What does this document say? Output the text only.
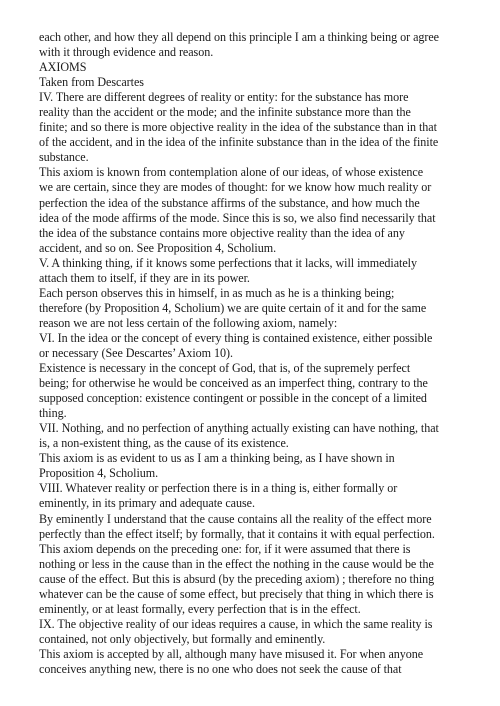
each other, and how they all depend on this principle I am a thinking being or agree
with it through evidence and reason.
AXIOMS
Taken from Descartes
IV. There are different degrees of reality or entity: for the substance has more
reality than the accident or the mode; and the infinite substance more than the
finite; and so there is more objective reality in the idea of the substance than in that
of the accident, and in the idea of the infinite substance than in the idea of the finite
substance.
This axiom is known from contemplation alone of our ideas, of whose existence
we are certain, since they are modes of thought: for we know how much reality or
perfection the idea of the substance affirms of the substance, and how much the
idea of the mode affirms of the mode. Since this is so, we also find necessarily that
the idea of the substance contains more objective reality than the idea of any
accident, and so on. See Proposition 4, Scholium.
V. A thinking thing, if it knows some perfections that it lacks, will immediately
attach them to itself, if they are in its power.
Each person observes this in himself, in as much as he is a thinking being;
therefore (by Proposition 4, Scholium) we are quite certain of it and for the same
reason we are not less certain of the following axiom, namely:
VI. In the idea or the concept of every thing is contained existence, either possible
or necessary (See Descartes’ Axiom 10).
Existence is necessary in the concept of God, that is, of the supremely perfect
being; for otherwise he would be conceived as an imperfect thing, contrary to the
supposed conception: existence contingent or possible in the concept of a limited
thing.
VII. Nothing, and no perfection of anything actually existing can have nothing, that
is, a non-existent thing, as the cause of its existence.
This axiom is as evident to us as I am a thinking being, as I have shown in
Proposition 4, Scholium.
VIII. Whatever reality or perfection there is in a thing is, either formally or
eminently, in its primary and adequate cause.
By eminently I understand that the cause contains all the reality of the effect more
perfectly than the effect itself; by formally, that it contains it with equal perfection.
This axiom depends on the preceding one: for, if it were assumed that there is
nothing or less in the cause than in the effect the nothing in the cause would be the
cause of the effect. But this is absurd (by the preceding axiom) ; therefore no thing
whatever can be the cause of some effect, but precisely that thing in which there is
eminently, or at least formally, every perfection that is in the effect.
IX. The objective reality of our ideas requires a cause, in which the same reality is
contained, not only objectively, but formally and eminently.
This axiom is accepted by all, although many have misused it. For when anyone
conceives anything new, there is no one who does not seek the cause of that
